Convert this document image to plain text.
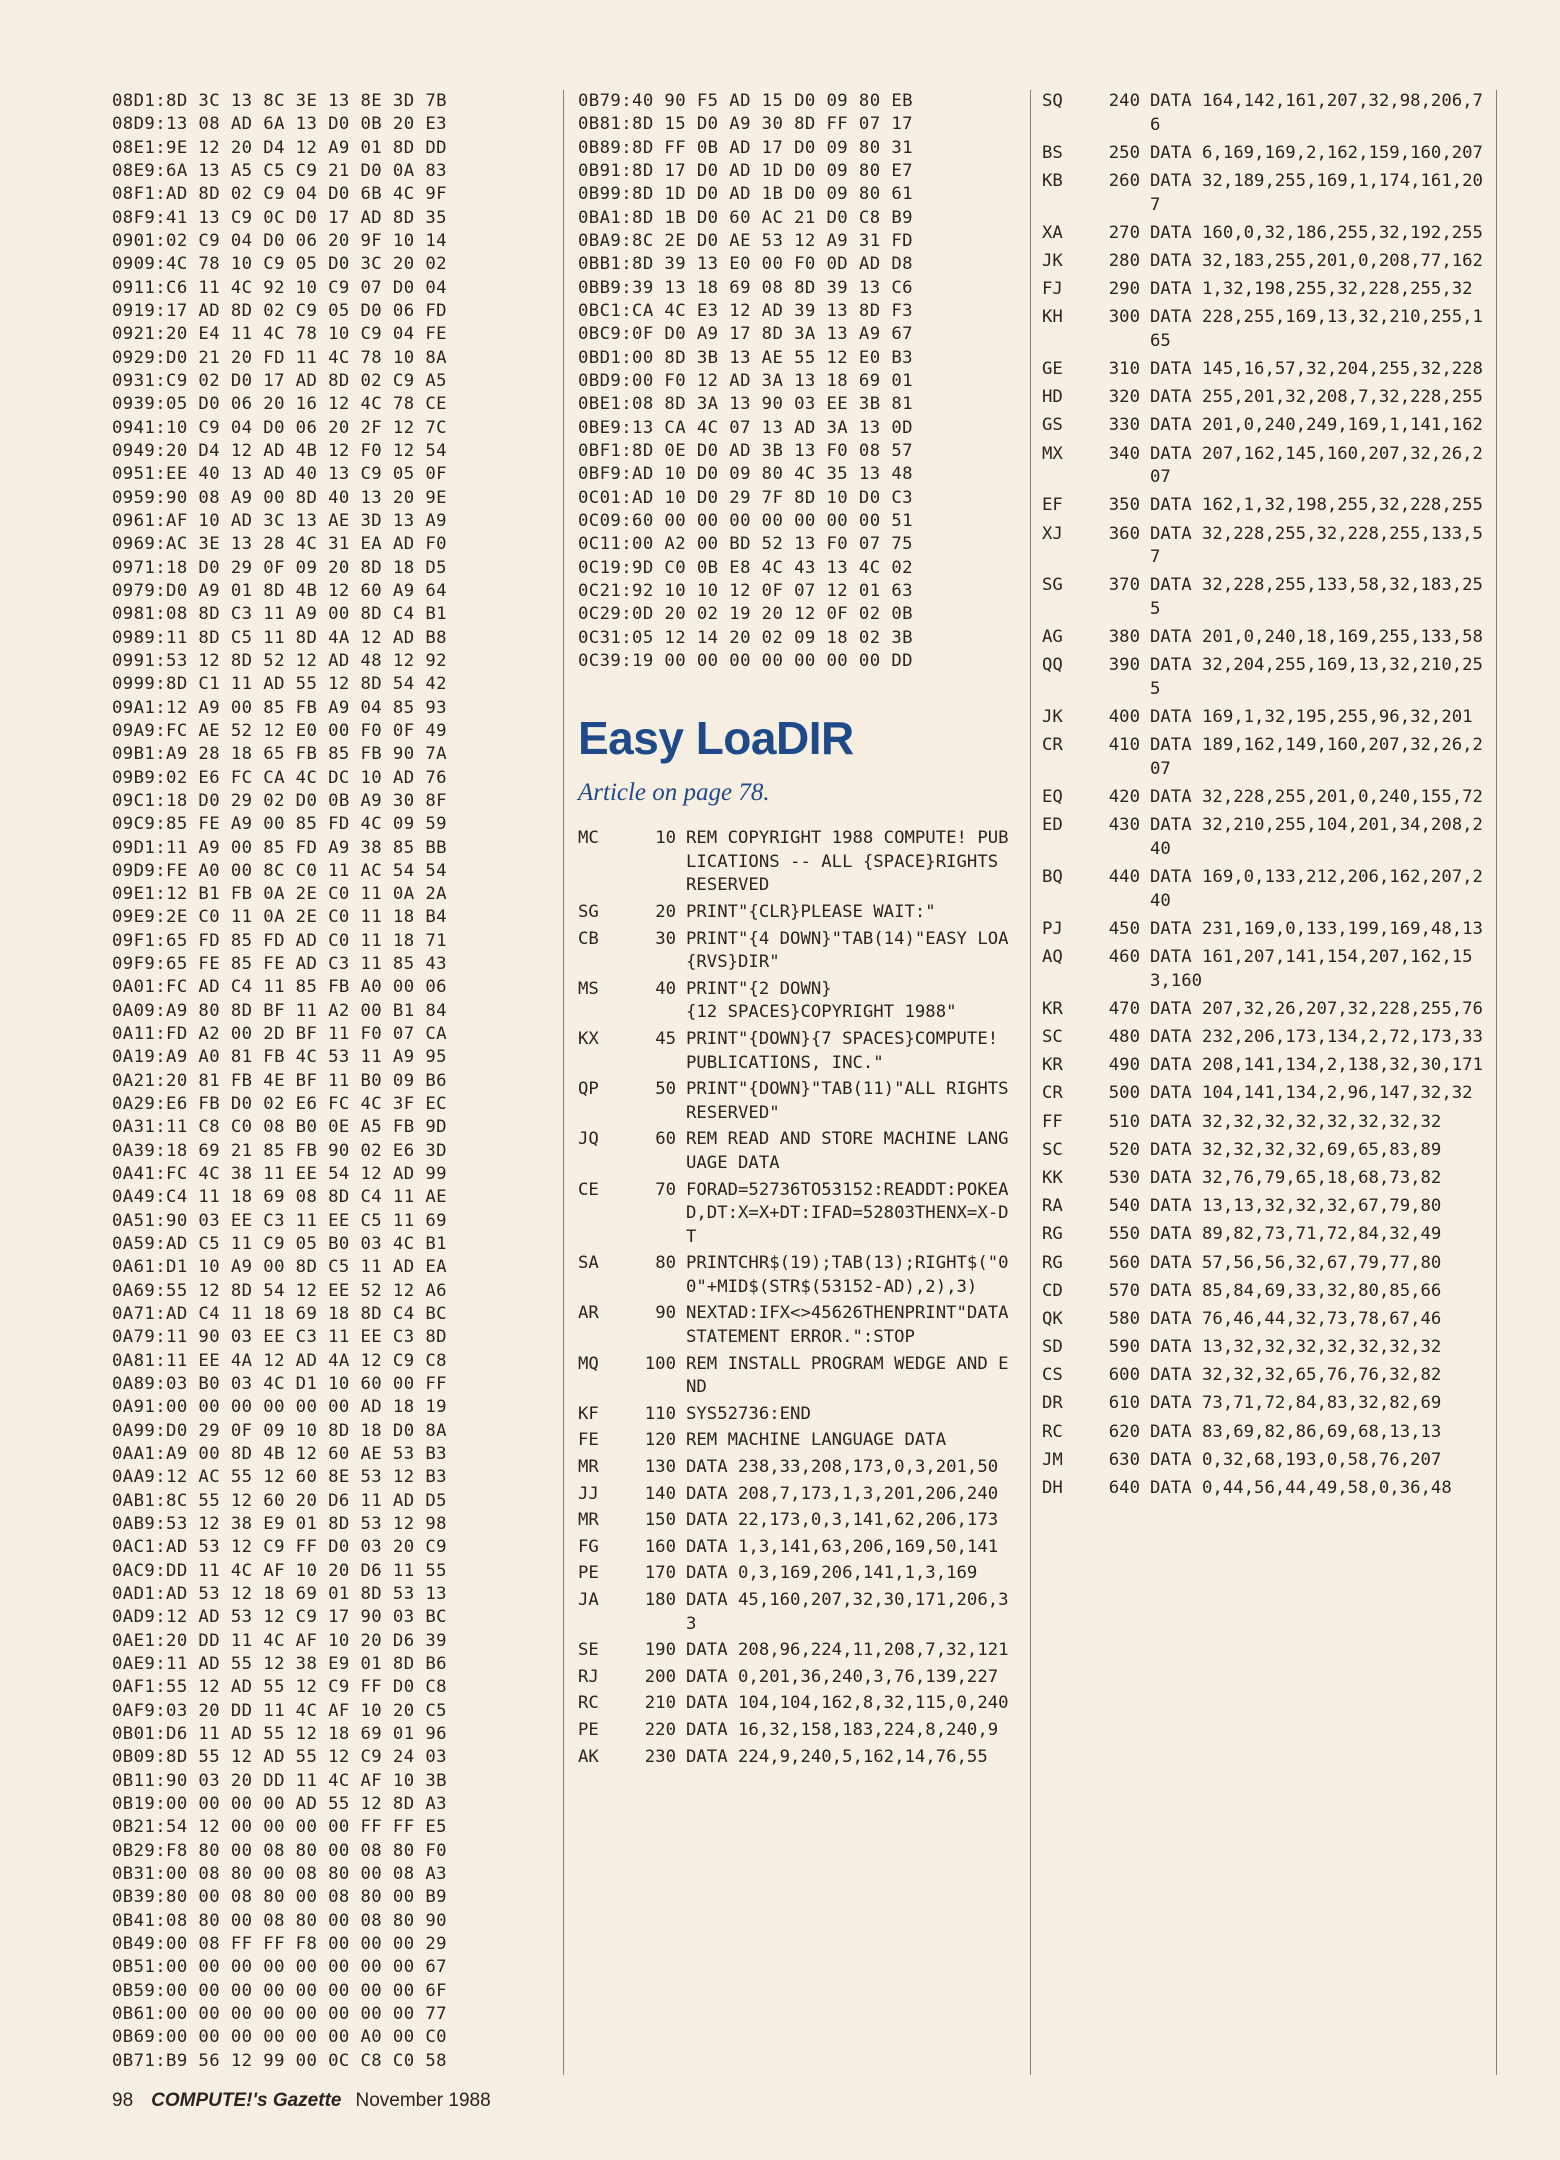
08D1:8D 3C 13 8C 3E 13 8E 3D 7B
08D9:13 08 AD 6A 13 D0 0B 20 E3
08E1:9E 12 20 D4 12 A9 01 8D DD
08E9:6A 13 A5 C5 C9 21 D0 0A 83
08F1:AD 8D 02 C9 04 D0 6B 4C 9F
08F9:41 13 C9 0C D0 17 AD 8D 35
0901:02 C9 04 D0 06 20 9F 10 14
0909:4C 78 10 C9 05 D0 3C 20 02
0911:C6 11 4C 92 10 C9 07 D0 04
0919:17 AD 8D 02 C9 05 D0 06 FD
0921:20 E4 11 4C 78 10 C9 04 FE
0929:D0 21 20 FD 11 4C 78 10 8A
0931:C9 02 D0 17 AD 8D 02 C9 A5
0939:05 D0 06 20 16 12 4C 78 CE
0941:10 C9 04 D0 06 20 2F 12 7C
0949:20 D4 12 AD 4B 12 F0 12 54
0951:EE 40 13 AD 40 13 C9 05 0F
0959:90 08 A9 00 8D 40 13 20 9E
0961:AF 10 AD 3C 13 AE 3D 13 A9
0969:AC 3E 13 28 4C 31 EA AD F0
0971:18 D0 29 0F 09 20 8D 18 D5
0979:D0 A9 01 8D 4B 12 60 A9 64
0981:08 8D C3 11 A9 00 8D C4 B1
0989:11 8D C5 11 8D 4A 12 AD B8
0991:53 12 8D 52 12 AD 48 12 92
0999:8D C1 11 AD 55 12 8D 54 42
09A1:12 A9 00 85 FB A9 04 85 93
09A9:FC AE 52 12 E0 00 F0 0F 49
09B1:A9 28 18 65 FB 85 FB 90 7A
09B9:02 E6 FC CA 4C DC 10 AD 76
09C1:18 D0 29 02 D0 0B A9 30 8F
09C9:85 FE A9 00 85 FD 4C 09 59
09D1:11 A9 00 85 FD A9 38 85 BB
09D9:FE A0 00 8C C0 11 AC 54 54
09E1:12 B1 FB 0A 2E C0 11 0A 2A
09E9:2E C0 11 0A 2E C0 11 18 B4
09F1:65 FD 85 FD AD C0 11 18 71
09F9:65 FE 85 FE AD C3 11 85 43
0A01:FC AD C4 11 85 FB A0 00 06
0A09:A9 80 8D BF 11 A2 00 B1 84
0A11:FD A2 00 2D BF 11 F0 07 CA
0A19:A9 A0 81 FB 4C 53 11 A9 95
0A21:20 81 FB 4E BF 11 B0 09 B6
0A29:E6 FB D0 02 E6 FC 4C 3F EC
0A31:11 C8 C0 08 B0 0E A5 FB 9D
0A39:18 69 21 85 FB 90 02 E6 3D
0A41:FC 4C 38 11 EE 54 12 AD 99
0A49:C4 11 18 69 08 8D C4 11 AE
0A51:90 03 EE C3 11 EE C5 11 69
0A59:AD C5 11 C9 05 B0 03 4C B1
0A61:D1 10 A9 00 8D C5 11 AD EA
0A69:55 12 8D 54 12 EE 52 12 A6
0A71:AD C4 11 18 69 18 8D C4 BC
0A79:11 90 03 EE C3 11 EE C3 8D
0A81:11 EE 4A 12 AD 4A 12 C9 C8
0A89:03 B0 03 4C D1 10 60 00 FF
0A91:00 00 00 00 00 00 AD 18 19
0A99:D0 29 0F 09 10 8D 18 D0 8A
0AA1:A9 00 8D 4B 12 60 AE 53 B3
0AA9:12 AC 55 12 60 8E 53 12 B3
0AB1:8C 55 12 60 20 D6 11 AD D5
0AB9:53 12 38 E9 01 8D 53 12 98
0AC1:AD 53 12 C9 FF D0 03 20 C9
0AC9:DD 11 4C AF 10 20 D6 11 55
0AD1:AD 53 12 18 69 01 8D 53 13
0AD9:12 AD 53 12 C9 17 90 03 BC
0AE1:20 DD 11 4C AF 10 20 D6 39
0AE9:11 AD 55 12 38 E9 01 8D B6
0AF1:55 12 AD 55 12 C9 FF D0 C8
0AF9:03 20 DD 11 4C AF 10 20 C5
0B01:D6 11 AD 55 12 18 69 01 96
0B09:8D 55 12 AD 55 12 C9 24 03
0B11:90 03 20 DD 11 4C AF 10 3B
0B19:00 00 00 00 AD 55 12 8D A3
0B21:54 12 00 00 00 00 FF FF E5
0B29:F8 80 00 08 80 00 08 80 F0
0B31:00 08 80 00 08 80 00 08 A3
0B39:80 00 08 80 00 08 80 00 B9
0B41:08 80 00 08 80 00 08 80 90
0B49:00 08 FF FF F8 00 00 00 29
0B51:00 00 00 00 00 00 00 00 67
0B59:00 00 00 00 00 00 00 00 6F
0B61:00 00 00 00 00 00 00 00 77
0B69:00 00 00 00 00 00 A0 00 C0
0B71:B9 56 12 99 00 0C C8 C0 58
0B79:40 90 F5 AD 15 D0 09 80 EB
0B81:8D 15 D0 A9 30 8D FF 07 17
0B89:8D FF 0B AD 17 D0 09 80 31
0B91:8D 17 D0 AD 1D D0 09 80 E7
0B99:8D 1D D0 AD 1B D0 09 80 61
0BA1:8D 1B D0 60 AC 21 D0 C8 B9
0BA9:8C 2E D0 AE 53 12 A9 31 FD
0BB1:8D 39 13 E0 00 F0 0D AD D8
0BB9:39 13 18 69 08 8D 39 13 C6
0BC1:CA 4C E3 12 AD 39 13 8D F3
0BC9:0F D0 A9 17 8D 3A 13 A9 67
0BD1:00 8D 3B 13 AE 55 12 E0 B3
0BD9:00 F0 12 AD 3A 13 18 69 01
0BE1:08 8D 3A 13 90 03 EE 3B 81
0BE9:13 CA 4C 07 13 AD 3A 13 0D
0BF1:8D 0E D0 AD 3B 13 F0 08 57
0BF9:AD 10 D0 09 80 4C 35 13 48
0C01:AD 10 D0 29 7F 8D 10 D0 C3
0C09:60 00 00 00 00 00 00 00 51
0C11:00 A2 00 BD 52 13 F0 07 75
0C19:9D C0 0B E8 4C 43 13 4C 02
0C21:92 10 10 12 0F 07 12 01 63
0C29:0D 20 02 19 20 12 0F 02 0B
0C31:05 12 14 20 02 09 18 02 3B
0C39:19 00 00 00 00 00 00 00 DD
Easy LoaDIR
Article on page 78.
MC	10 REM COPYRIGHT 1988 COMPUTE! PUBLICATIONS -- ALL {SPACE}RIGHTS RESERVED
SG	20 PRINT"{CLR}PLEASE WAIT:"
CB	30 PRINT"{4 DOWN}"TAB(14)"EASY LOA{RVS}DIR"
MS	40 PRINT"{2 DOWN}
{12 SPACES}COPYRIGHT 1988"
KX	45 PRINT"{DOWN}{7 SPACES}COMPUTE! PUBLICATIONS, INC."
QP	50 PRINT"{DOWN}"TAB(11)"ALL RIGHTS RESERVED"
JQ	60 REM READ AND STORE MACHINE LANGUAGE DATA
CE	70 FORAD=52736TO53152:READDT:POKEAD,DT:X=X+DT:IFAD=52803THENX=X-DT
SA	80 PRINTCHR$(19);TAB(13);RIGHT$("00"+MID$(STR$(53152-AD),2),3)
AR	90 NEXTAD:IFX<>45626THENPRINT"DATA STATEMENT ERROR.":STOP
MQ	100 REM INSTALL PROGRAM WEDGE AND END
KF	110 SYS52736:END
FE	120 REM MACHINE LANGUAGE DATA
MR	130 DATA 238,33,208,173,0,3,201,50
JJ	140 DATA 208,7,173,1,3,201,206,240
MR	150 DATA 22,173,0,3,141,62,206,173
FG	160 DATA 1,3,141,63,206,169,50,141
PE	170 DATA 0,3,169,206,141,1,3,169
JA	180 DATA 45,160,207,32,30,171,206,33
SE	190 DATA 208,96,224,11,208,7,32,121
RJ	200 DATA 0,201,36,240,3,76,139,227
RC	210 DATA 104,104,162,8,32,115,0,240
PE	220 DATA 16,32,158,183,224,8,240,9
AK	230 DATA 224,9,240,5,162,14,76,55
SQ	240 DATA 164,142,161,207,32,98,206,76
BS	250 DATA 6,169,169,2,162,159,160,207
KB	260 DATA 32,189,255,169,1,174,161,207
XA	270 DATA 160,0,32,186,255,32,192,255
JK	280 DATA 32,183,255,201,0,208,77,162
FJ	290 DATA 1,32,198,255,32,228,255,32
KH	300 DATA 228,255,169,13,32,210,255,165
GE	310 DATA 145,16,57,32,204,255,32,228
HD	320 DATA 255,201,32,208,7,32,228,255
GS	330 DATA 201,0,240,249,169,1,141,162
MX	340 DATA 207,162,145,160,207,32,26,207
EF	350 DATA 162,1,32,198,255,32,228,255
XJ	360 DATA 32,228,255,32,228,255,133,57
SG	370 DATA 32,228,255,133,58,32,183,255
AG	380 DATA 201,0,240,18,169,255,133,58
QQ	390 DATA 32,204,255,169,13,32,210,255
JK	400 DATA 169,1,32,195,255,96,32,201
CR	410 DATA 189,162,149,160,207,32,26,207
EQ	420 DATA 32,228,255,201,0,240,155,72
ED	430 DATA 32,210,255,104,201,34,208,240
BQ	440 DATA 169,0,133,212,206,162,207,240
PJ	450 DATA 231,169,0,133,199,169,48,13
AQ	460 DATA 161,207,141,154,207,162,153,160
KR	470 DATA 207,32,26,207,32,228,255,76
SC	480 DATA 232,206,173,134,2,72,173,33
KR	490 DATA 208,141,134,2,138,32,30,171
CR	500 DATA 104,141,134,2,96,147,32,32
FF	510 DATA 32,32,32,32,32,32,32,32
SC	520 DATA 32,32,32,32,69,65,83,89
KK	530 DATA 32,76,79,65,18,68,73,82
RA	540 DATA 13,13,32,32,32,67,79,80
RG	550 DATA 89,82,73,71,72,84,32,49
RG	560 DATA 57,56,56,32,67,79,77,80
CD	570 DATA 85,84,69,33,32,80,85,66
QK	580 DATA 76,46,44,32,73,78,67,46
SD	590 DATA 13,32,32,32,32,32,32,32
CS	600 DATA 32,32,32,65,76,76,32,82
DR	610 DATA 73,71,72,84,83,32,82,69
RC	620 DATA 83,69,82,86,69,68,13,13
JM	630 DATA 0,32,68,193,0,58,76,207
DH	640 DATA 0,44,56,44,49,58,0,36,48
98 COMPUTE!'s Gazette November 1988
